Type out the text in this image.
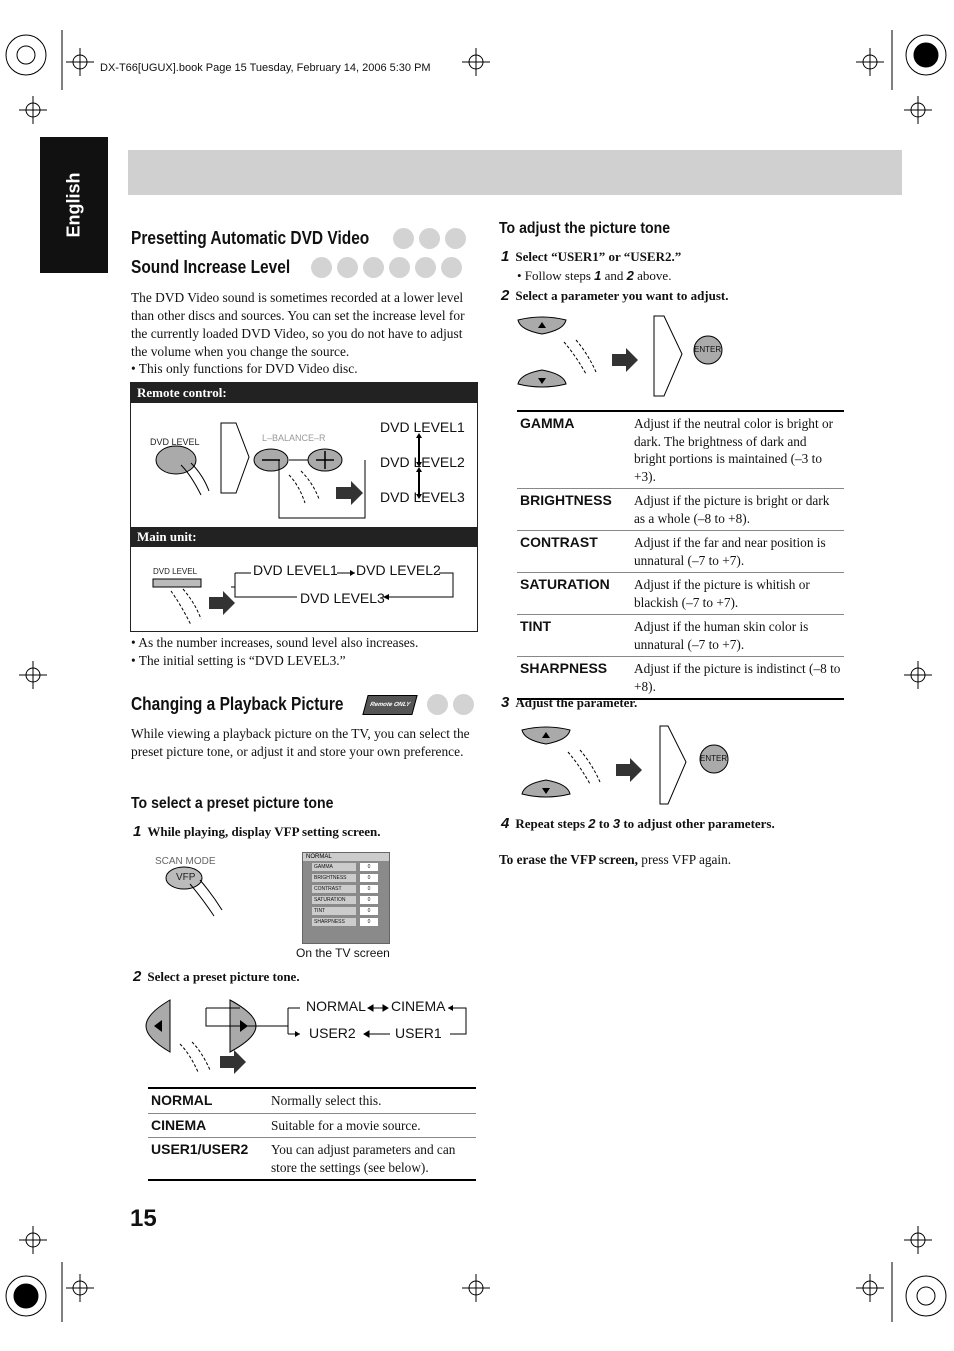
DX-T66[UGUX].book Page 15 Tuesday, February 14, 2006 5:30 PM
English
Presetting Automatic DVD Video
Sound Increase Level
The DVD Video sound is sometimes recorded at a lower level than other discs and sources. You can set the increase level for the currently loaded DVD Video, so you do not have to adjust the volume when you change the source.
• This only functions for DVD Video disc.
Remote control:
DVD LEVEL	L–BALANCE–R
DVD LEVEL1
DVD LEVEL2
DVD LEVEL3
Main unit:
DVD LEVEL	DVD LEVEL1 DVD LEVEL2
DVD LEVEL3
• As the number increases, sound level also increases.
• The initial setting is “DVD LEVEL3.”
Changing a Playback Picture	Remote ONLY
While viewing a playback picture on the TV, you can select the preset picture tone, or adjust it and store your own preference.
To select a preset picture tone
1 While playing, display VFP setting screen.
SCAN MODE
VFP
NORMAL
GAMMA	0
BRIGHTNESS	0
CONTRAST	0
SATURATION	0
TINT	0
SHARPNESS	0
On the TV screen
2 Select a preset picture tone.
NORMAL CINEMA
USER2	USER1
NORMAL	Normally select this.
CINEMA	Suitable for a movie source.
USER1/USER2	You can adjust parameters and can store the settings (see below).
To adjust the picture tone
1 Select “USER1” or “USER2.”
• Follow steps 1 and 2 above.
2 Select a parameter you want to adjust.
ENTER
GAMMA	Adjust if the neutral color is bright or dark. The brightness of dark and bright portions is maintained (–3 to +3).
BRIGHTNESS	Adjust if the picture is bright or dark as a whole (–8 to +8).
CONTRAST	Adjust if the far and near position is unnatural (–7 to +7).
SATURATION	Adjust if the picture is whitish or blackish (–7 to +7).
TINT	Adjust if the human skin color is unnatural (–7 to +7).
SHARPNESS	Adjust if the picture is indistinct (–8 to +8).
3 Adjust the parameter.
ENTER
4 Repeat steps 2 to 3 to adjust other parameters.
To erase the VFP screen, press VFP again.
15
